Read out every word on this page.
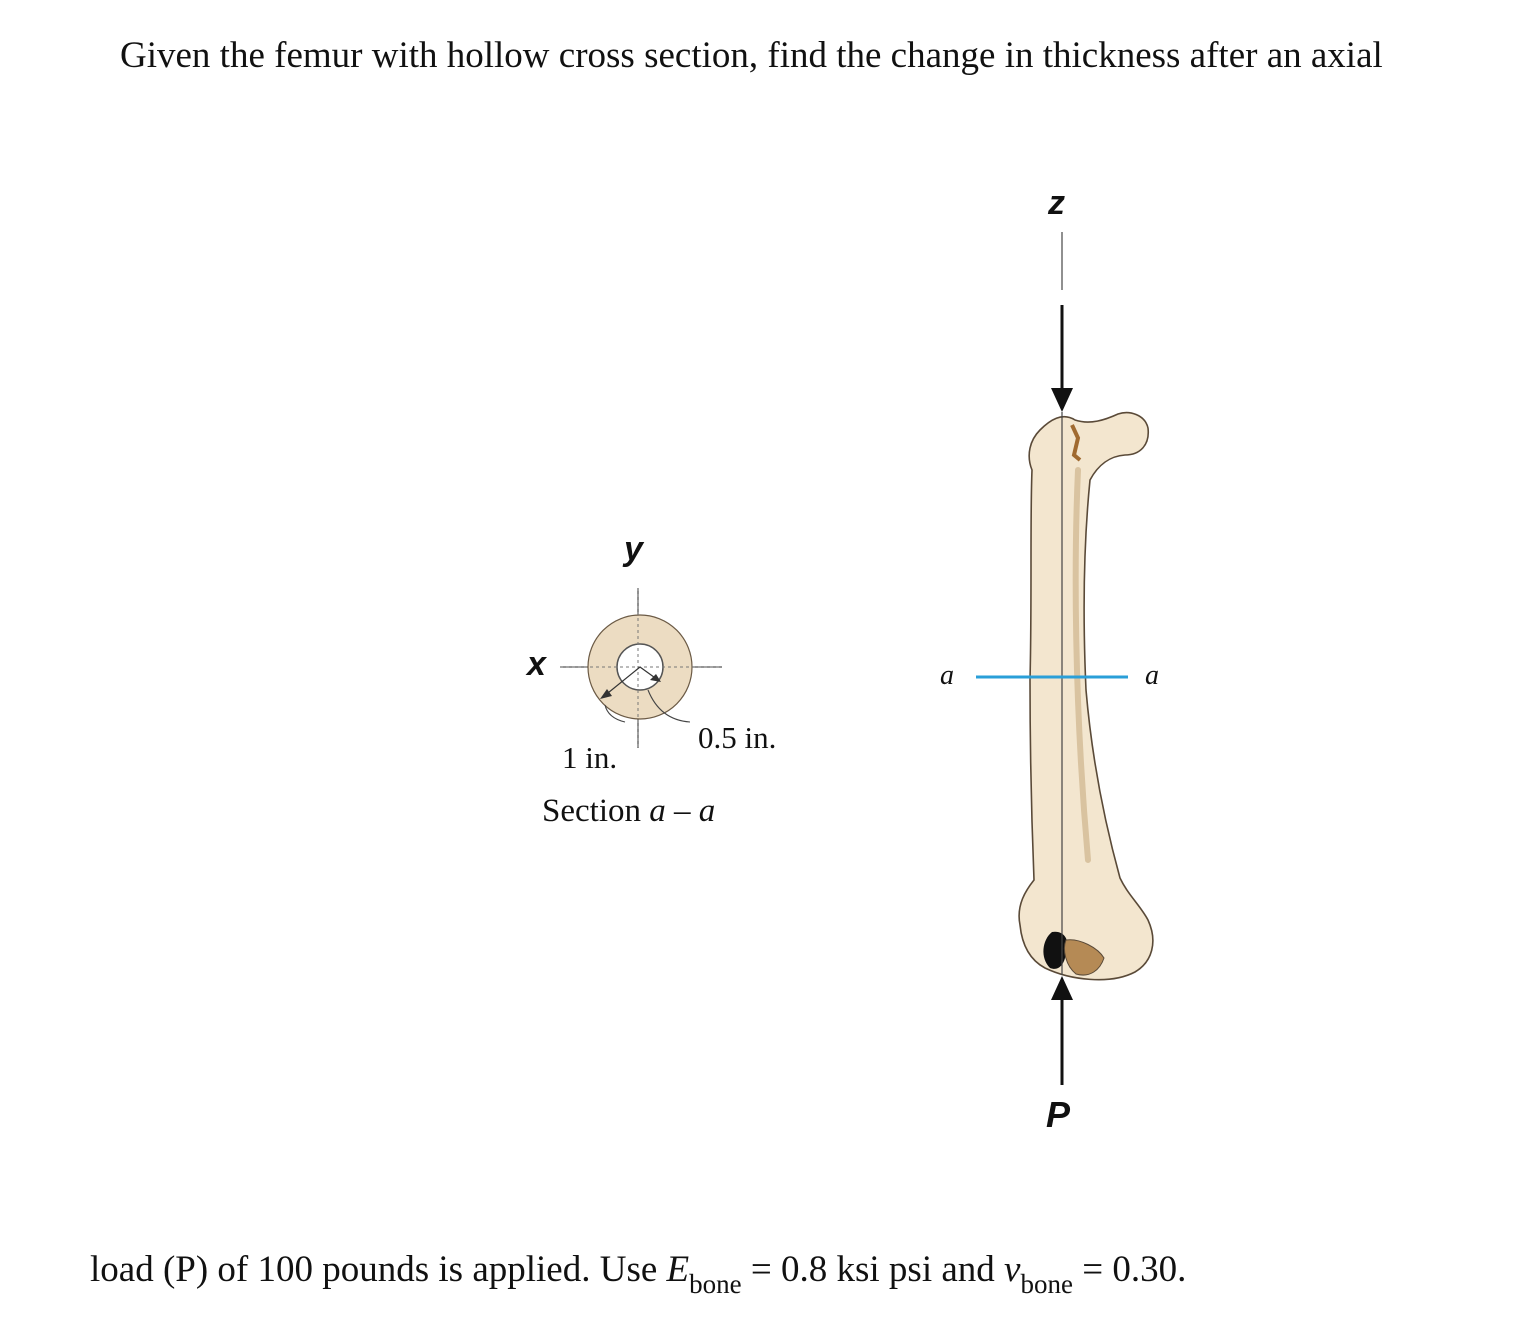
Given the femur with hollow cross section, find the change in thickness after an axial
y
x
0.5 in.
1 in.
Section a – a
z
a	a
P
load (P) of 100 pounds is applied. Use $E_{bone} = 0.8$ ksi psi and $\nu_{bone} = 0.30$.
